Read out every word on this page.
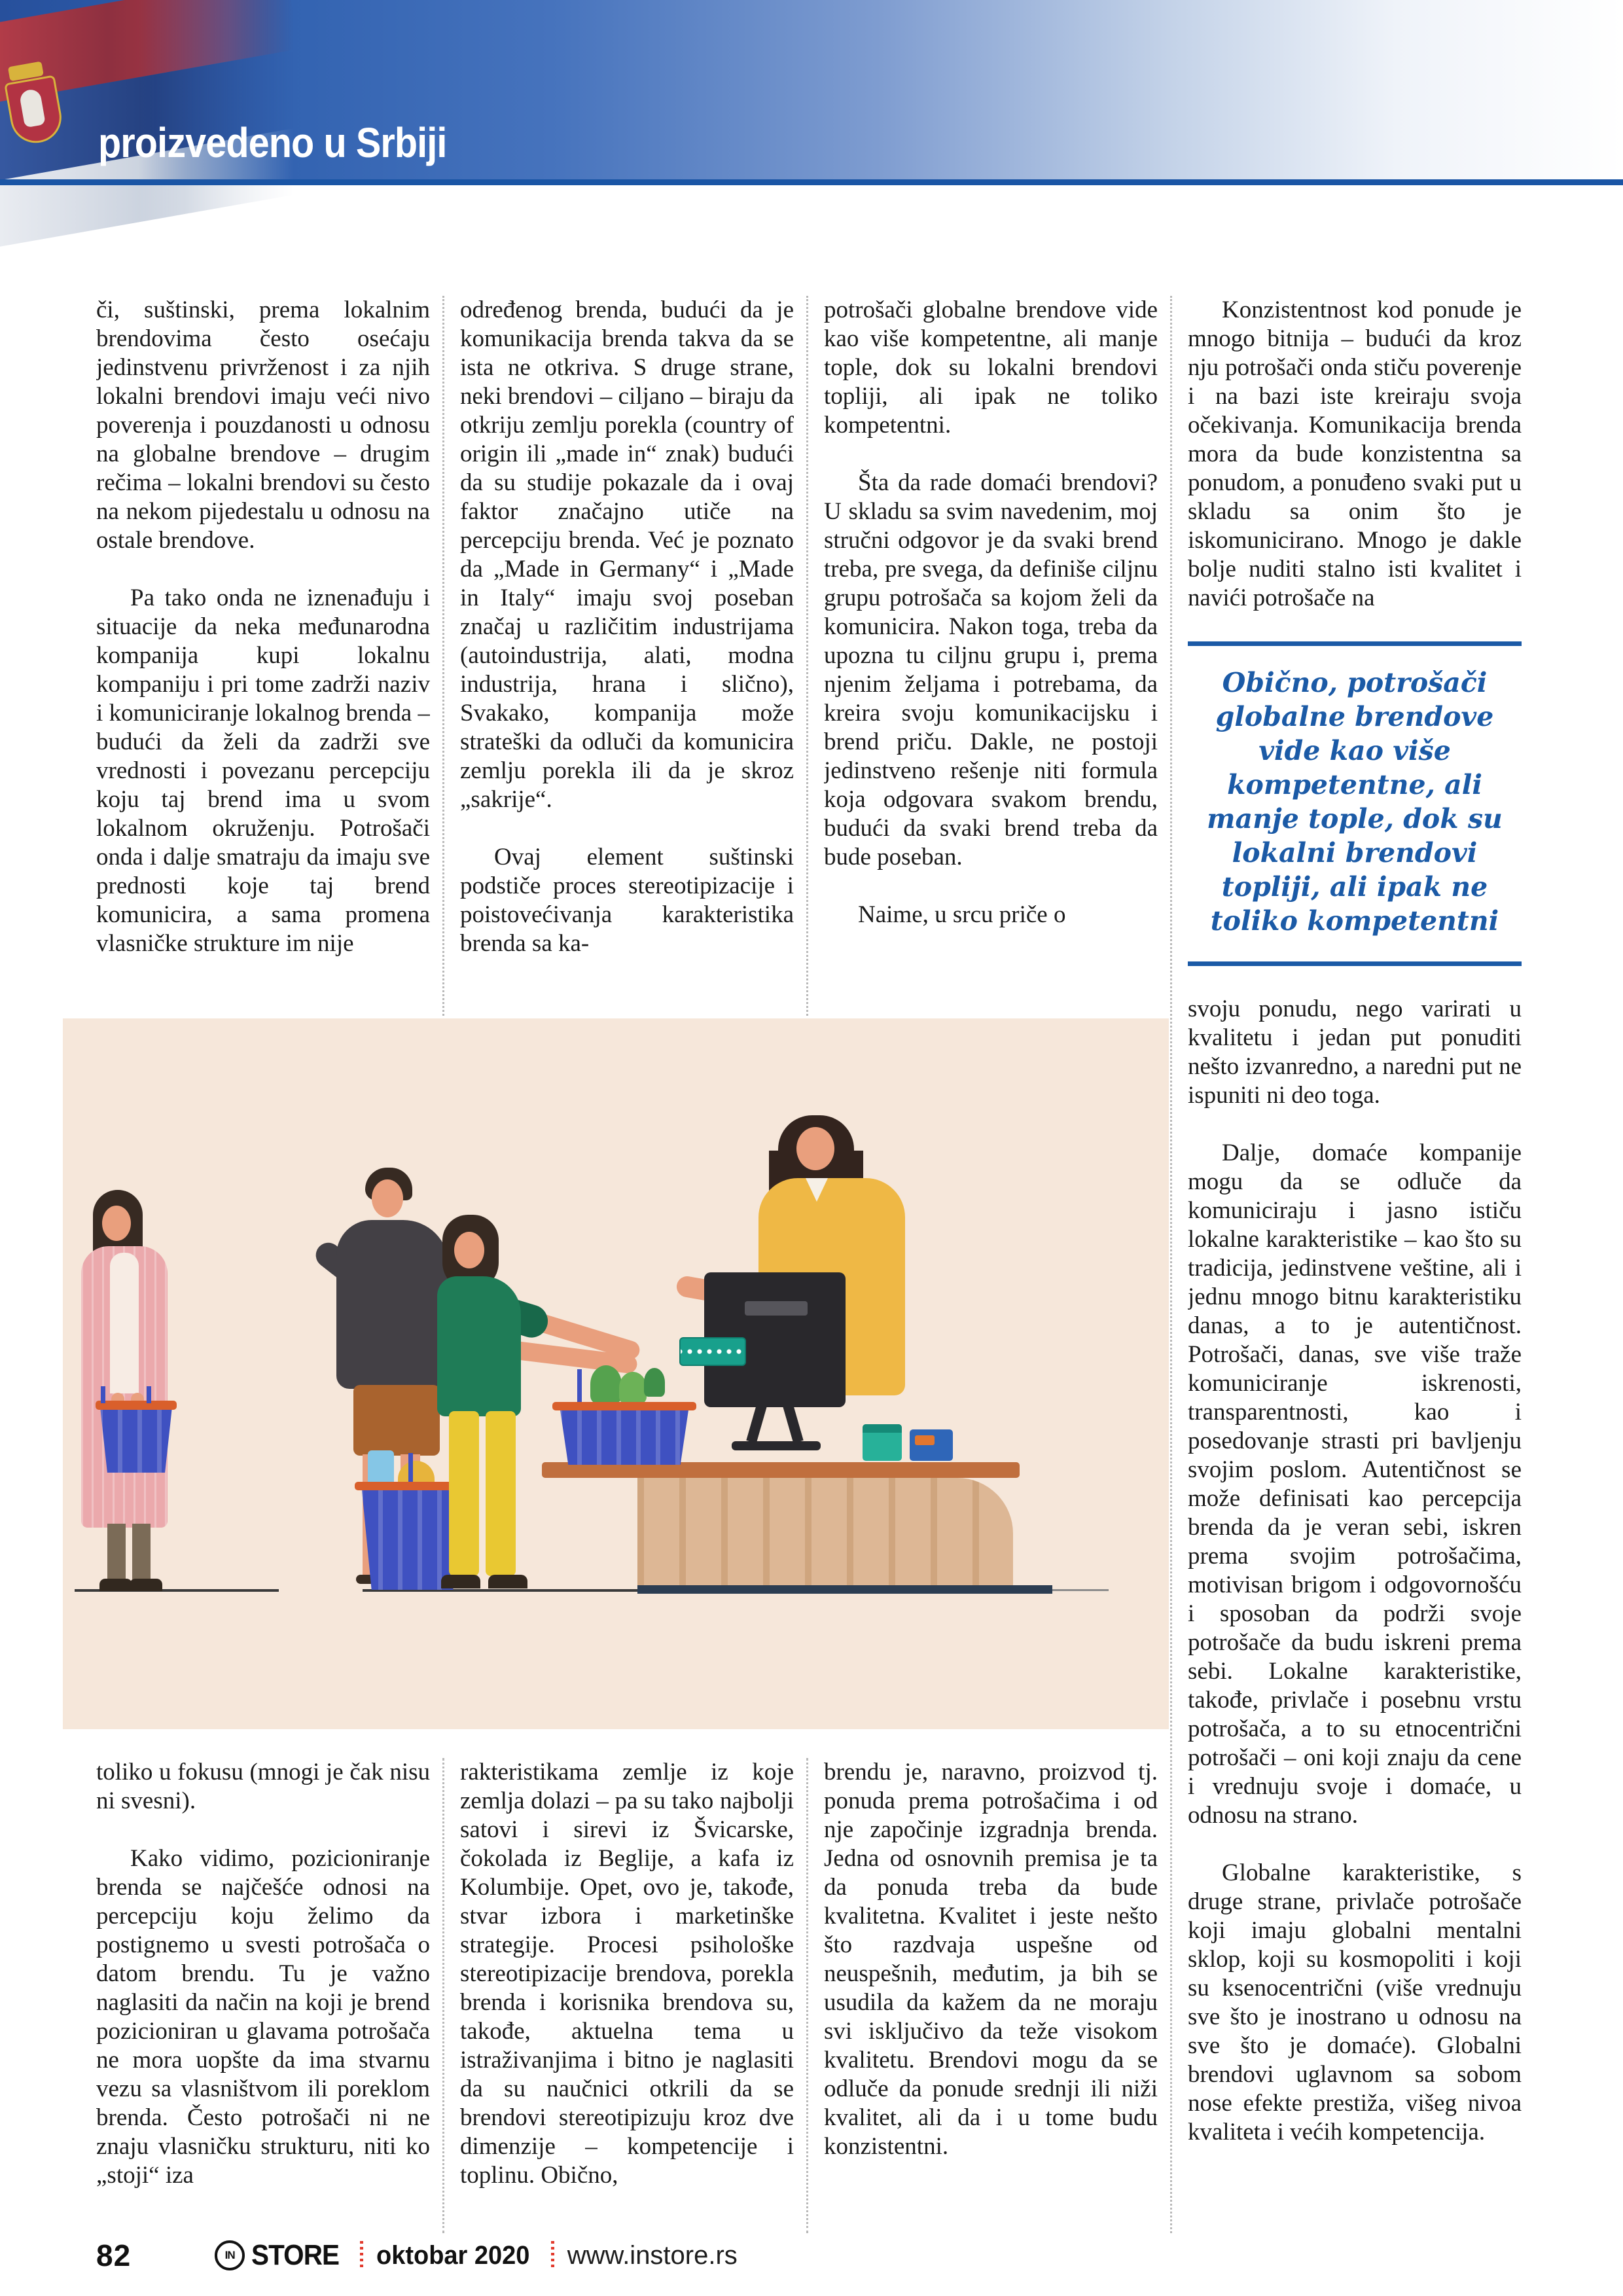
proizvedeno u Srbiji

či, suštinski, prema lokalnim brendovima često osećaju jedinstvenu privrženost i za njih lokalni brendovi imaju veći nivo poverenja i pouzdanosti u odnosu na globalne brendove – drugim rečima – lokalni brendovi su često na nekom pijedestalu u odnosu na ostale brendove.

Pa tako onda ne iznenađuju i situacije da neka međunarodna kompanija kupi lokalnu kompaniju i pri tome zadrži naziv i komuniciranje lokalnog brenda – budući da želi da zadrži sve vrednosti i povezanu percepciju koju taj brend ima u svom lokalnom okruženju. Potrošači onda i dalje smatraju da imaju sve prednosti koje taj brend komunicira, a sama promena vlasničke strukture im nije

određenog brenda, budući da je komunikacija brenda takva da se ista ne otkriva. S druge strane, neki brendovi – ciljano – biraju da otkriju zemlju porekla (country of origin ili „made in“ znak) budući da su studije pokazale da i ovaj faktor značajno utiče na percepciju brenda. Već je poznato da „Made in Germany“ i „Made in Italy“ imaju svoj poseban značaj u različitim industrijama (autoindustrija, alati, modna industrija, hrana i slično), Svakako, kompanija može strateški da odluči da komunicira zemlju porekla ili da je skroz „sakrije“.

Ovaj element suštinski podstiče proces stereotipizacije i poistovećivanja karakteristika brenda sa ka-

potrošači globalne brendove vide kao više kompetentne, ali manje tople, dok su lokalni brendovi topliji, ali ipak ne toliko kompetentni.

Šta da rade domaći brendovi? U skladu sa svim navedenim, moj stručni odgovor je da svaki brend treba, pre svega, da definiše ciljnu grupu potrošača sa kojom želi da komunicira. Nakon toga, treba da upozna tu ciljnu grupu i, prema njenim željama i potrebama, da kreira svoju komunikacijsku i brend priču. Dakle, ne postoji jedinstveno rešenje niti formula koja odgovara svakom brendu, budući da svaki brend treba da bude poseban.

Naime, u srcu priče o

Konzistentnost kod ponude je mnogo bitnija – budući da kroz nju potrošači onda stiču poverenje i na bazi iste kreiraju svoja očekivanja. Komunikacija brenda mora da bude konzistentna sa ponudom, a ponuđeno svaki put u skladu sa onim što je iskomunicirano. Mnogo je dakle bolje nuditi stalno isti kvalitet i navići potrošače na

Obično, potrošači globalne brendove vide kao više kompetentne, ali manje tople, dok su lokalni brendovi topliji, ali ipak ne toliko kompetentni

svoju ponudu, nego varirati u kvalitetu i jedan put ponuditi nešto izvanredno, a naredni put ne ispuniti ni deo toga.

Dalje, domaće kompanije mogu da se odluče da komuniciraju i jasno ističu lokalne karakteristike – kao što su tradicija, jedinstvene veštine, ali i jednu mnogo bitnu karakteristiku danas, a to je autentičnost. Potrošači, danas, sve više traže komuniciranje iskrenosti, transparentnosti, kao i posedovanje strasti pri bavljenju svojim poslom. Autentičnost se može definisati kao percepcija brenda da je veran sebi, iskren prema svojim potrošačima, motivisan brigom i odgovornošću i sposoban da podrži svoje potrošače da budu iskreni prema sebi. Lokalne karakteristike, takođe, privlače i posebnu vrstu potrošača, a to su etnocentrični potrošači – oni koji znaju da cene i vrednuju svoje i domaće, u odnosu na strano.

Globalne karakteristike, s druge strane, privlače potrošače koji imaju globalni mentalni sklop, koji su kosmopoliti i koji su ksenocentrični (više vrednuju sve što je inostrano u odnosu na sve što je domaće). Globalni brendovi uglavnom sa sobom nose efekte prestiža, višeg nivoa kvaliteta i većih kompetencija.

toliko u fokusu (mnogi je čak nisu ni svesni).

Kako vidimo, pozicioniranje brenda se najčešće odnosi na percepciju koju želimo da postignemo u svesti potrošača o datom brendu. Tu je važno naglasiti da način na koji je brend pozicioniran u glavama potrošača ne mora uopšte da ima stvarnu vezu sa vlasništvom ili poreklom brenda. Često potrošači ni ne znaju vlasničku strukturu, niti ko „stoji“ iza

rakteristikama zemlje iz koje zemlja dolazi – pa su tako najbolji satovi i sirevi iz Švicarske, čokolada iz Beglije, a kafa iz Kolumbije. Opet, ovo je, takođe, stvar izbora i marketinške strategije. Procesi psihološke stereotipizacije brendova, porekla brenda i korisnika brendova su, takođe, aktuelna tema u istraživanjima i bitno je naglasiti da su naučnici otkrili da se brendovi stereotipizuju kroz dve dimenzije – kompetencije i toplinu. Obično,

brendu je, naravno, proizvod tj. ponuda prema potrošačima i od nje započinje izgradnja brenda. Jedna od osnovnih premisa je ta da ponuda treba da bude kvalitetna. Kvalitet i jeste nešto što razdvaja uspešne od neuspešnih, međutim, ja bih se usudila da kažem da ne moraju svi isključivo da teže visokom kvalitetu. Brendovi mogu da se odluče da ponude srednji ili niži kvalitet, ali da i u tome budu konzistentni.

82	IN STORE oktobar 2020 www.instore.rs
